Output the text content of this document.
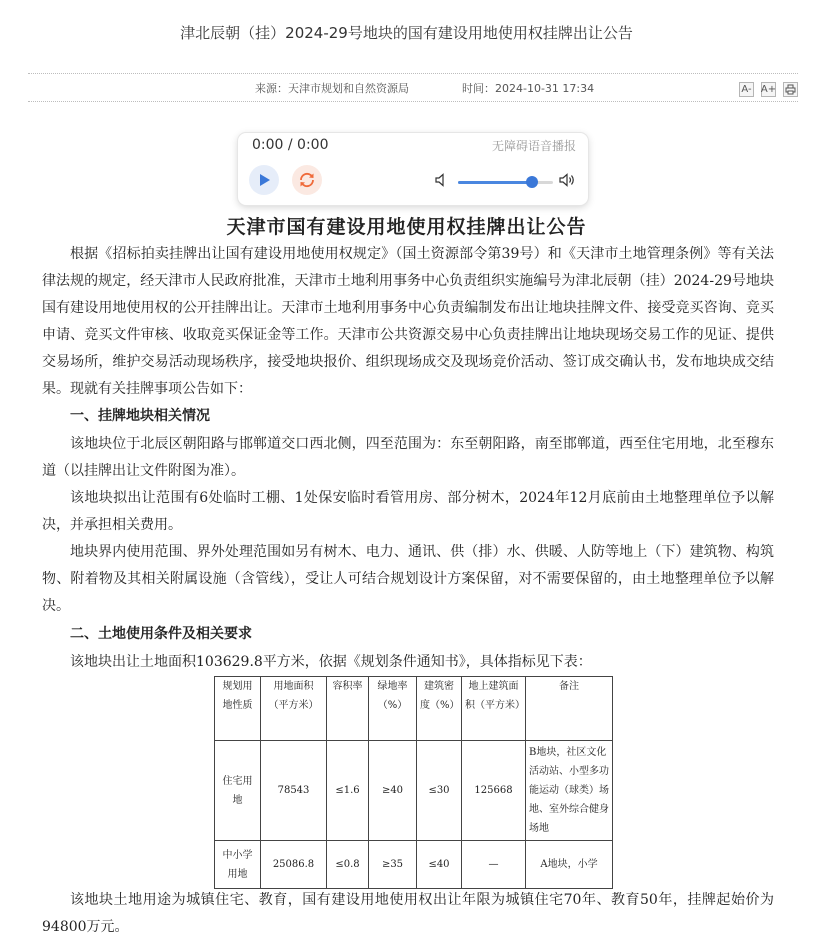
津北辰朝（挂）2024-29号地块的国有建设用地使用权挂牌出让公告
来源：天津市规划和自然资源局	时间：2024-10-31 17:34	A- A+
0:00 / 0:00	无障碍语音播报
天津市国有建设用地使用权挂牌出让公告

根据《招标拍卖挂牌出让国有建设用地使用权规定》（国土资源部令第39号）和《天津市土地管理条例》等有关法律法规的规定，经天津市人民政府批准，天津市土地利用事务中心负责组织实施编号为津北辰朝（挂）2024-29号地块国有建设用地使用权的公开挂牌出让。天津市土地利用事务中心负责编制发布出让地块挂牌文件、接受竞买咨询、竞买申请、竞买文件审核、收取竞买保证金等工作。天津市公共资源交易中心负责挂牌出让地块现场交易工作的见证、提供交易场所，维护交易活动现场秩序，接受地块报价、组织现场成交及现场竞价活动、签订成交确认书，发布地块成交结果。现就有关挂牌事项公告如下：

一、挂牌地块相关情况

该地块位于北辰区朝阳路与邯郸道交口西北侧，四至范围为：东至朝阳路，南至邯郸道，西至住宅用地，北至穆东道（以挂牌出让文件附图为准）。

该地块拟出让范围有6处临时工棚、1处保安临时看管用房、部分树木，2024年12月底前由土地整理单位予以解决，并承担相关费用。

地块界内使用范围、界外处理范围如另有树木、电力、通讯、供（排）水、供暖、人防等地上（下）建筑物、构筑物、附着物及其相关附属设施（含管线），受让人可结合规划设计方案保留，对不需要保留的，由土地整理单位予以解决。

二、土地使用条件及相关要求

该地块出让土地面积103629.8平方米，依据《规划条件通知书》，具体指标见下表：

规划用地性质	用地面积（平方米）	容积率	绿地率（%）	建筑密度（%）	地上建筑面积（平方米）	备注
住宅用地	78543	≤1.6	≥40	≤30	125668	B地块，社区文化活动站、小型多功能运动（球类）场地、室外综合健身场地
中小学用地	25086.8	≤0.8	≥35	≤40	—	A地块，小学

该地块土地用途为城镇住宅、教育，国有建设用地使用权出让年限为城镇住宅70年、教育50年，挂牌起始价为94800万元。
